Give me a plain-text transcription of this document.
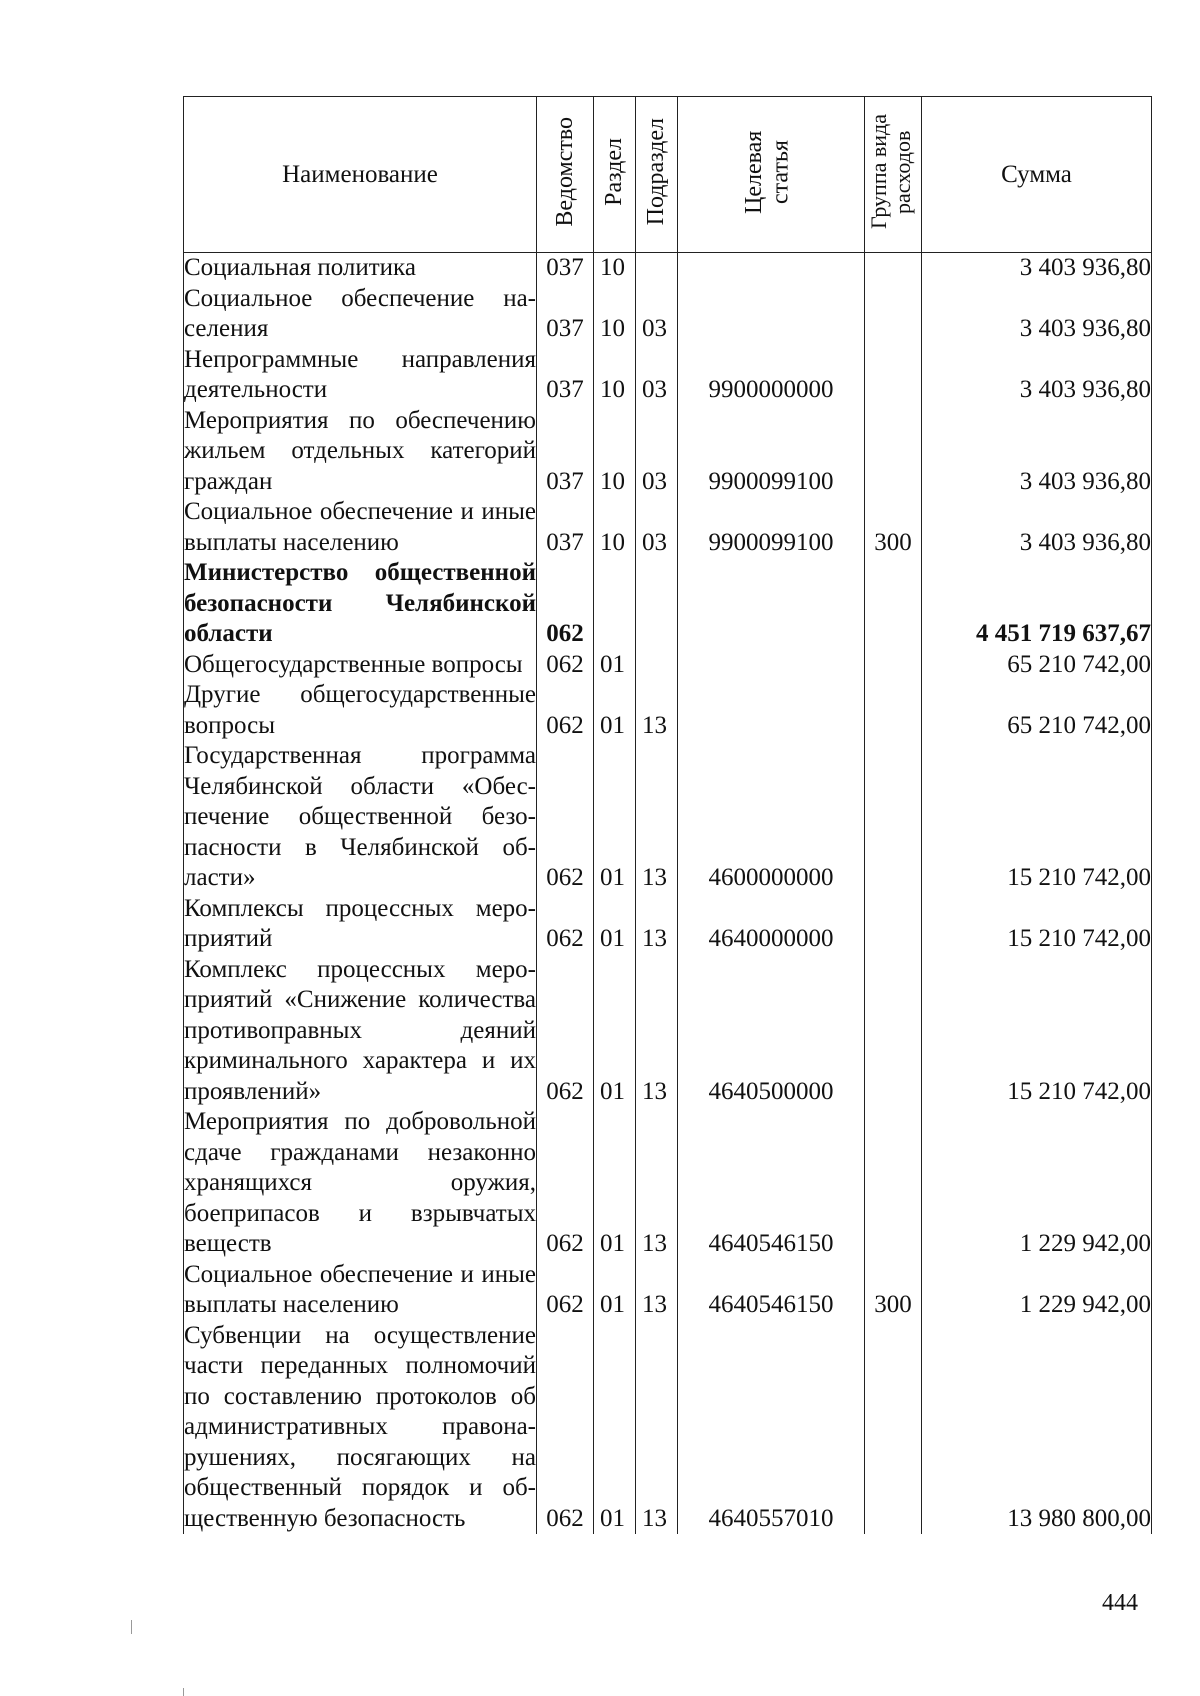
Наименование	Ведомство	Раздел	Подраздел	Целевая статья	Группа вида расходов	Сумма
Социальная политика	037	10				3 403 936,80
Социальное обеспечение населения	037	10	03			3 403 936,80
Непрограммные направления деятельности	037	10	03	9900000000		3 403 936,80
Мероприятия по обеспечению жильем отдельных категорий граждан	037	10	03	9900099100		3 403 936,80
Социальное обеспечение и иные выплаты населению	037	10	03	9900099100	300	3 403 936,80
Министерство общественной безопасности Челябинской области	062					4 451 719 637,67
Общегосударственные вопросы	062	01				65 210 742,00
Другие общегосударственные вопросы	062	01	13			65 210 742,00
Государственная программа Челябинской области «Обеспечение общественной безопасности в Челябинской области»	062	01	13	4600000000		15 210 742,00
Комплексы процессных мероприятий	062	01	13	4640000000		15 210 742,00
Комплекс процессных мероприятий «Снижение количества противоправных деяний криминального характера и их проявлений»	062	01	13	4640500000		15 210 742,00
Мероприятия по добровольной сдаче гражданами незаконно хранящихся оружия, боеприпасов и взрывчатых веществ	062	01	13	4640546150		1 229 942,00
Социальное обеспечение и иные выплаты населению	062	01	13	4640546150	300	1 229 942,00
Субвенции на осуществление части переданных полномочий по составлению протоколов об административных правонарушениях, посягающих на общественный порядок и общественную безопасность	062	01	13	4640557010		13 980 800,00
444
